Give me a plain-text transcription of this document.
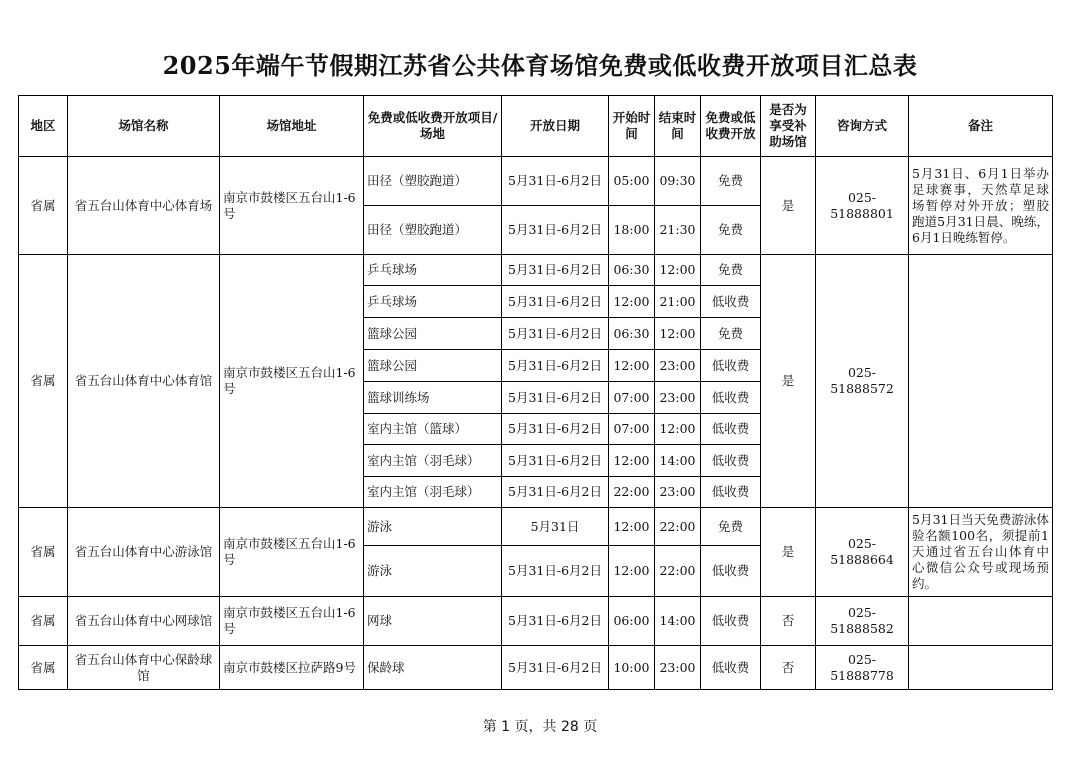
2025年端午节假期江苏省公共体育场馆免费或低收费开放项目汇总表
地区	场馆名称	场馆地址	免费或低收费开放项目/场地	开放日期	开始时间	结束时间	免费或低收费开放	是否为享受补助场馆	咨询方式	备注
省属	省五台山体育中心体育场	南京市鼓楼区五台山1-6号	田径（塑胶跑道）	5月31日-6月2日	05:00	09:30	免费	是	025-51888801	5月31日、6月1日举办足球赛事，天然草足球场暂停对外开放；塑胶跑道5月31日晨、晚练，6月1日晚练暂停。
			田径（塑胶跑道）	5月31日-6月2日	18:00	21:30	免费			
省属	省五台山体育中心体育馆	南京市鼓楼区五台山1-6号	乒乓球场	5月31日-6月2日	06:30	12:00	免费	是	025-51888572	
			乒乓球场	5月31日-6月2日	12:00	21:00	低收费			
			篮球公园	5月31日-6月2日	06:30	12:00	免费			
			篮球公园	5月31日-6月2日	12:00	23:00	低收费			
			篮球训练场	5月31日-6月2日	07:00	23:00	低收费			
			室内主馆（篮球）	5月31日-6月2日	07:00	12:00	低收费			
			室内主馆（羽毛球）	5月31日-6月2日	12:00	14:00	低收费			
			室内主馆（羽毛球）	5月31日-6月2日	22:00	23:00	低收费			
省属	省五台山体育中心游泳馆	南京市鼓楼区五台山1-6号	游泳	5月31日	12:00	22:00	免费	是	025-51888664	5月31日当天免费游泳体验名额100名，须提前1天通过省五台山体育中心微信公众号或现场预约。
			游泳	5月31日-6月2日	12:00	22:00	低收费			
省属	省五台山体育中心网球馆	南京市鼓楼区五台山1-6号	网球	5月31日-6月2日	06:00	14:00	低收费	否	025-51888582	
省属	省五台山体育中心保龄球馆	南京市鼓楼区拉萨路9号	保龄球	5月31日-6月2日	10:00	23:00	低收费	否	025-51888778	
第 1 页，共 28 页
